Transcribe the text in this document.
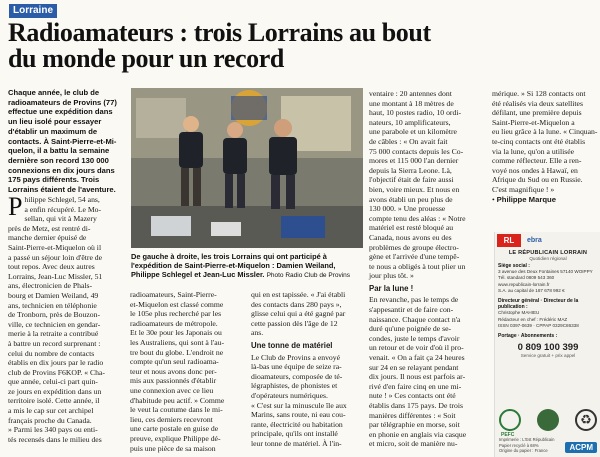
Lorraine
Radioamateurs : trois Lorrains au bout
du monde pour un record
Chaque année, le club de
radioamateurs de Provins (77)
effectue une expédition dans
un lieu isolé pour essayer
d'établir un maximum de
contacts. À Saint-Pierre-et-Mi-
quelon, il a battu la semaine
dernière son record 130 000
connexions en dix jours dans
175 pays différents. Trois
Lorrains étaient de l'aventure.
De gauche à droite, les trois Lorrains qui ont participé à
l'expédition de Saint-Pierre-et-Miquelon : Damien Weiland,
Philippe Schlegel et Jean-Luc Missler. Photo Radio Club de Provins
P hilippe Schlegel, 54 ans,
a enfin récupéré. Le Mo-
sellan, qui vit à Mazery
près de Metz, est rentré di-
manche dernier épuisé de
Saint-Pierre-et-Miquelon où il
a passé un séjour loin d'être de
tout repos. Avec deux autres
Lorrains, Jean-Luc Missler, 51
ans, électronicien de Phals-
bourg et Damien Weiland, 49
ans, technicien en téléphonie
de Tronborn, près de Bouzon-
ville, ce technicien en gendar-
merie à la retraite a contribué
à battre un record surprenant :
celui du nombre de contacts
établis en dix jours par le radio
club de Provins F6KOP. « Cha-
que année, celui-ci part quin-
ze jours en expédition dans un
territoire isolé. Cette année, il
a mis le cap sur cet archipel
français proche du Canada.
» Parmi les 340 pays ou enti-
tés recensés dans le milieu des
radioamateurs, Saint-Pierre-
et-Miquelon est classé comme
le 105e plus recherché par les
radioamateurs de métropole.
Et le 30e pour les Japonais ou
les Australiens, qui sont à l'au-
tre bout du globe. L'endroit ne
compte qu'un seul radioama-
teur et nous avons donc per-
mis aux passionnés d'établir
une connexion avec ce lieu
d'habitude peu actif. » Comme
le veut la coutume dans le mi-
lieu, ces derniers recevront
une carte postale en guise de
preuve, explique Philippe dé-
puis une pièce de sa maison
qui en est tapissée. « J'ai établi
des contacts dans 280 pays »,
glisse celui qui a été gagné par
cette passion dès l'âge de 12
ans.
Une tonne de matériel
Le Club de Provins a envoyé
là-bas une équipe de seize ra-
dioamateurs, composée de té-
légraphistes, de phonistes et
d'opérateurs numériques.
« C'est sur la minuscule île aux
Marins, sans route, ni eau cou-
rante, électricité ou habitation
principale, qu'ils ont installé
leur tonne de matériel. À l'in-
ventaire : 20 antennes dont
une montant à 18 mètres de
haut, 10 postes radio, 10 ordi-
nateurs, 10 amplificateurs,
une parabole et un kilomètre
de câbles : « On avait fait
75 000 contacts depuis les Co-
mores et 115 000 l'an dernier
depuis la Sierra Leone. Là,
l'objectif était de faire aussi
bien, voire mieux. Et nous en
avons établi un peu plus de
130 000. » Une prouesse
compte tenu des aléas : « Notre
matériel est resté bloqué au
Canada, nous avons eu des
problèmes de groupe électro-
gène et l'arrivée d'une tempê-
te nous a obligés à tout plier un
jour plus tôt. »
Par la lune !
En revanche, pas le temps de
s'appesantir et de faire con-
naissance. Chaque contact n'a
duré qu'une poignée de se-
condes, juste le temps d'avoir
un retour et de voir d'où il pro-
venait. « On a fait ça 24 heures
sur 24 en se relayant pendant
dix jours. Il nous est parfois ar-
rivé d'en faire cinq en une mi-
nute ! » Ces contacts ont été
établis dans 175 pays. De trois
manières différentes : « Soit
par télégraphie en morse, soit
en phonie en anglais via casque
et micro, soit de manière nu-
mérique. » Si 128 contacts ont
été réalisés via deux satellites
défilant, une première depuis
Saint-Pierre-et-Miquelon a
eu lieu grâce à la lune. « Cinquan-
te-cinq contacts ont été établis
via la lune, qu'on a utilisée
comme réflecteur. Elle a ren-
voyé nos ondes à Hawaï, en
Afrique du Sud ou en Russie.
C'est magnifique ! »
• Philippe Marque
RL	ebra
LE RÉPUBLICAIN LORRAIN
Quotidien régional
Siège social :
3 avenue des Deux Fontaines 57140 WOIPPY
Tél. standard 0809 543 360
www.republicain-lorrain.fr
S.A. au capital de 187 678 992 €
Directeur général · Directeur de la publication :
Christophe MAHIEU
Rédacteur en chef : Frédéric MAZ
ISSN 0397-0639 · CPPAP 0329C86338
Portage · Abonnements :
0 809 100 399
Service gratuit + prix appel
♻
PEFC
Imprimerie : L'Est Républicain
Papier recyclé à 68%
Origine du papier : France	ACPM
